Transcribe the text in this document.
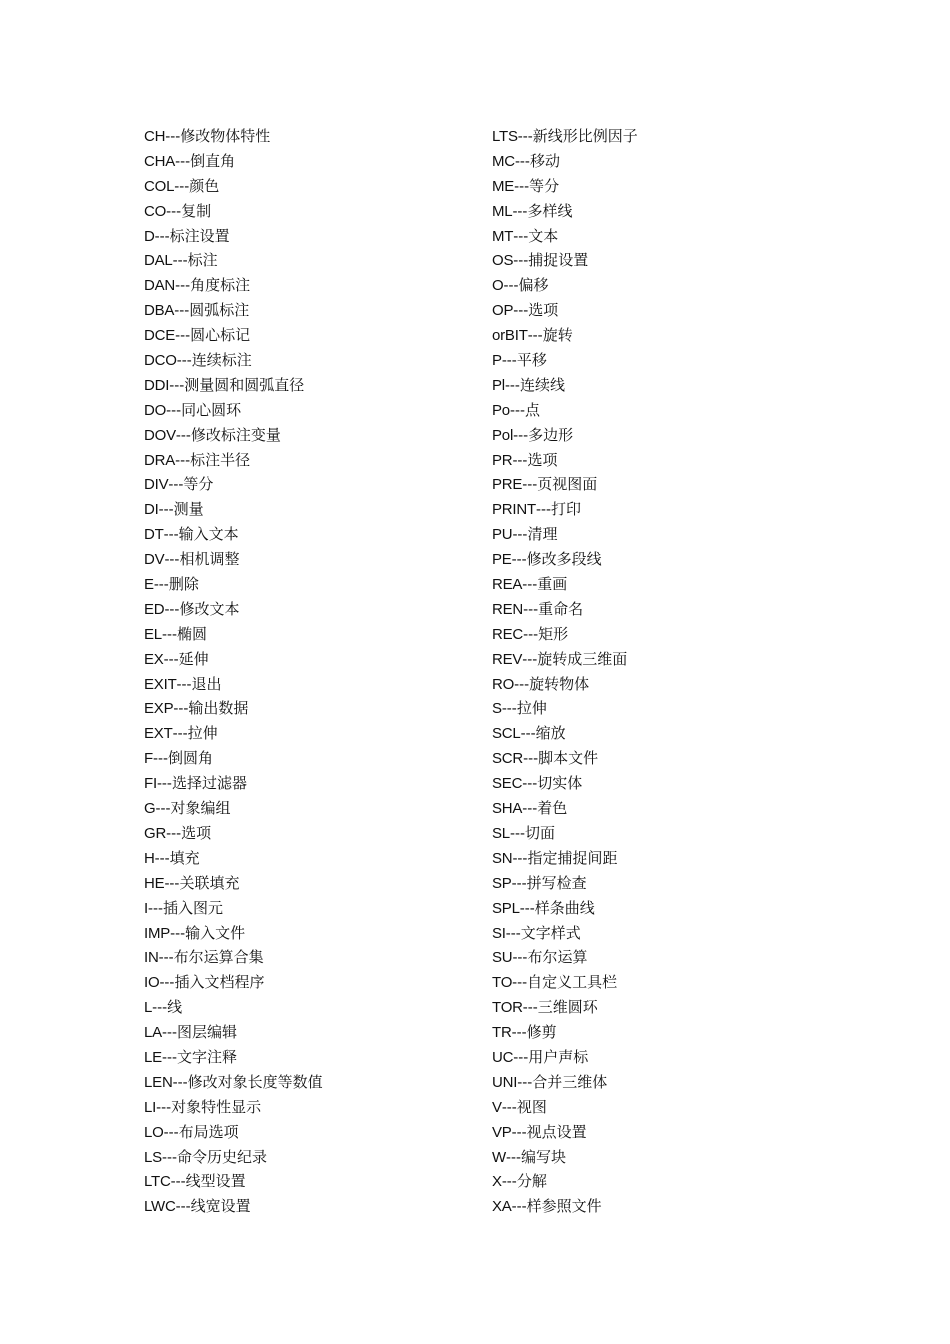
CH---修改物体特性
CHA---倒直角
COL---颜色
CO---复制
D---标注设置
DAL---标注
DAN---角度标注
DBA---圆弧标注
DCE---圆心标记
DCO---连续标注
DDI---测量圆和圆弧直径
DO---同心圆环
DOV---修改标注变量
DRA---标注半径
DIV---等分
DI---测量
DT---输入文本
DV---相机调整
E---删除
ED---修改文本
EL---椭圆
EX---延伸
EXIT---退出
EXP---输出数据
EXT---拉伸
F---倒圆角
FI---选择过滤器
G---对象编组
GR---选项
H---填充
HE---关联填充
I---插入图元
IMP---输入文件
IN---布尔运算合集
IO---插入文档程序
L---线
LA---图层编辑
LE---文字注释
LEN---修改对象长度等数值
LI---对象特性显示
LO---布局选项
LS---命令历史纪录
LTC---线型设置
LWC---线宽设置
LTS---新线形比例因子
MC---移动
ME---等分
ML---多样线
MT---文本
OS---捕捉设置
O---偏移
OP---选项
orBIT---旋转
P---平移
Pl---连续线
Po---点
Pol---多边形
PR---选项
PRE---页视图面
PRINT---打印
PU---清理
PE---修改多段线
REA---重画
REN---重命名
REC---矩形
REV---旋转成三维面
RO---旋转物体
S---拉伸
SCL---缩放
SCR---脚本文件
SEC---切实体
SHA---着色
SL---切面
SN---指定捕捉间距
SP---拼写检查
SPL---样条曲线
SI---文字样式
SU---布尔运算
TO---自定义工具栏
TOR---三维圆环
TR---修剪
UC---用户声标
UNI---合并三维体
V---视图
VP---视点设置
W---编写块
X---分解
XA---样参照文件
